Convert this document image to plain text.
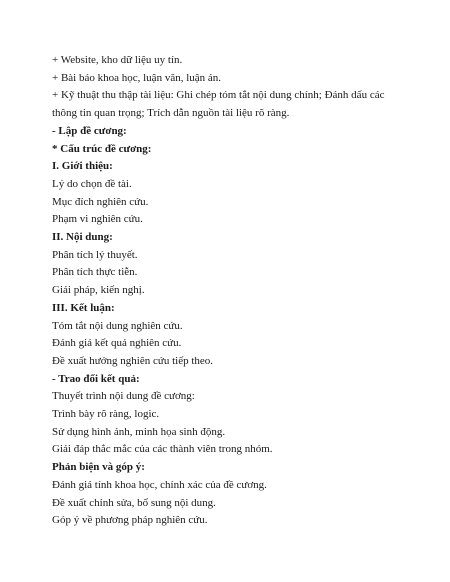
+ Website, kho dữ liệu uy tín.

+ Bài báo khoa học, luận văn, luận án.

+ Kỹ thuật thu thập tài liệu: Ghi chép tóm tắt nội dung chính; Đánh dấu các thông tin quan trọng; Trích dẫn nguồn tài liệu rõ ràng.

- Lập đề cương:

* Cấu trúc đề cương:

I. Giới thiệu:

Lý do chọn đề tài.

Mục đích nghiên cứu.

Phạm vi nghiên cứu.

II. Nội dung:

Phân tích lý thuyết.

Phân tích thực tiễn.

Giải pháp, kiến nghị.

III. Kết luận:

Tóm tắt nội dung nghiên cứu.

Đánh giá kết quả nghiên cứu.

Đề xuất hướng nghiên cứu tiếp theo.

- Trao đổi kết quả:

Thuyết trình nội dung đề cương:

Trình bày rõ ràng, logic.

Sử dụng hình ảnh, minh họa sinh động.

Giải đáp thắc mắc của các thành viên trong nhóm.

Phản biện và góp ý:

Đánh giá tính khoa học, chính xác của đề cương.

Đề xuất chỉnh sửa, bổ sung nội dung.

Góp ý về phương pháp nghiên cứu.
